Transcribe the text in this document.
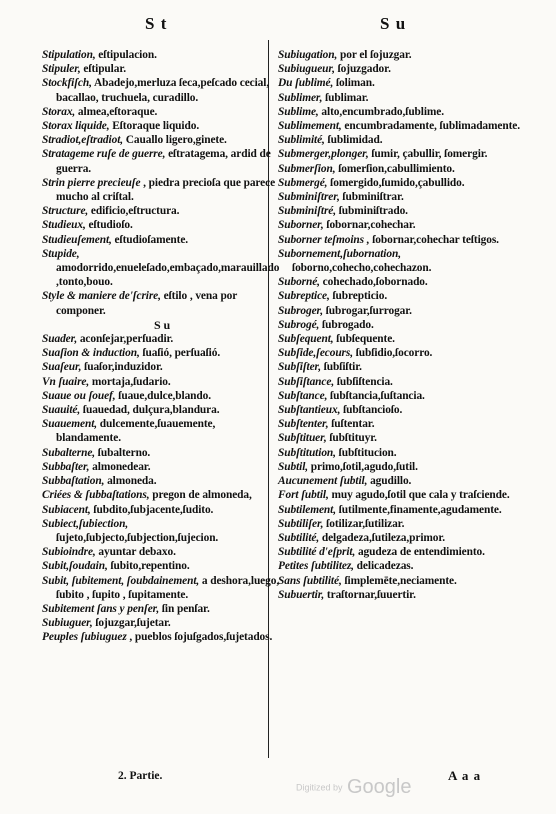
S t	S u
Stipulation, eſtipulacion.
Stipuler, eſtipular.
Stockfiſch, Abadejo,merluza ſeca,peſcado cecial, bacallao, truchuela, curadillo.
Storax, almea,eſtoraque.
Storax liquide, Eſtoraque liquido.
Stradiot,eſtradiot, Cauallo ligero,ginete.
Stratageme ruſe de guerre, eſtratagema, ardid de guerra.
Strin pierre precieuſe , piedra precioſa que parece mucho al criſtal.
Structure, edificio,eſtructura.
Studieux, eſtudioſo.
Studieuſement, eſtudioſamente.
Stupide, amodorrido,enueleſado,embaçado,marauillado,tonto,bouo.
Style & maniere de'ſcrire, eſtilo , vena por componer.
S u
Suader, aconſejar,perſuadir.
Suaſion & induction, ſuaſió, perſuaſió.
Suaſeur, ſuaſor,induzidor.
Vn ſuaire, mortaja,ſudario.
Suaue ou ſouef, ſuaue,dulce,blando.
Suauité, ſuauedad, dulçura,blandura.
Suauement, dulcemente,ſuauemente, blandamente.
Subalterne, ſubalterno.
Subbaſter, almonedear.
Subbaſtation, almoneda.
Criées & ſubbaſtations, pregon de almoneda,
Subiacent, ſubdito,ſubjacente,ſudito.
Subiect,ſubiection, ſujeto,ſubjecto,ſubjection,ſujecion.
Subioindre, ayuntar debaxo.
Subit,ſoudain, ſubito,repentino.
Subit, ſubitement, ſoubdainement, a deshora,luego, ſubito , ſupito , ſupitamente.
Subitement ſans y penſer, ſin penſar.
Subiuguer, ſojuzgar,ſujetar.
Peuples ſubiuguez , pueblos ſojuſgados,ſujetados.
Subiugation, por el ſojuzgar.
Subiugueur, ſojuzgador.
Du ſublimé, ſoliman.
Sublimer, ſublimar.
Sublime, alto,encumbrado,ſublime.
Sublimement, encumbradamente, ſublimadamente.
Sublimité, ſublimidad.
Submerger,plonger, ſumir, çabullir, ſomergir.
Submerſion, ſomerſion,cabullimiento.
Submergé, ſomergido,ſumido,çabullido.
Subminiſtrer, ſubminiſtrar.
Subminiſtré, ſubminiſtrado.
Suborner, ſobornar,cohechar.
Suborner teſmoins , ſobornar,cohechar teſtigos.
Subornement,ſubornation, ſoborno,cohecho,cohechazon.
Suborné, cohechado,ſobornado.
Subreptice, ſubrepticio.
Subroger, ſubrogar,ſurrogar.
Subrogé, ſubrogado.
Subſequent, ſubſequente.
Subſide,ſecours, ſubſidio,ſocorro.
Subſiſter, ſubſiſtir.
Subſiſtance, ſubſiſtencia.
Subſtance, ſubſtancia,ſuſtancia.
Subſtantieux, ſubſtancioſo.
Subſtenter, ſuſtentar.
Subſtituer, ſubſtituyr.
Subſtitution, ſubſtitucion.
Subtil, primo,ſotil,agudo,ſutil.
Aucunement ſubtil, agudillo.
Fort ſubtil, muy agudo,ſotil que cala y traſciende.
Subtilement, ſutilmente,finamente,agudamente.
Subtiliſer, ſotilizar,ſutilizar.
Subtilité, delgadeza,ſutileza,primor.
Subtilité d'eſprit, agudeza de entendimiento.
Petites ſubtilitez, delicadezas.
Sans ſubtilité, ſimplemēte,neciamente.
Subuertir, traſtornar,ſuuertir.
2. Partie.
Digitized by Google
A a a
